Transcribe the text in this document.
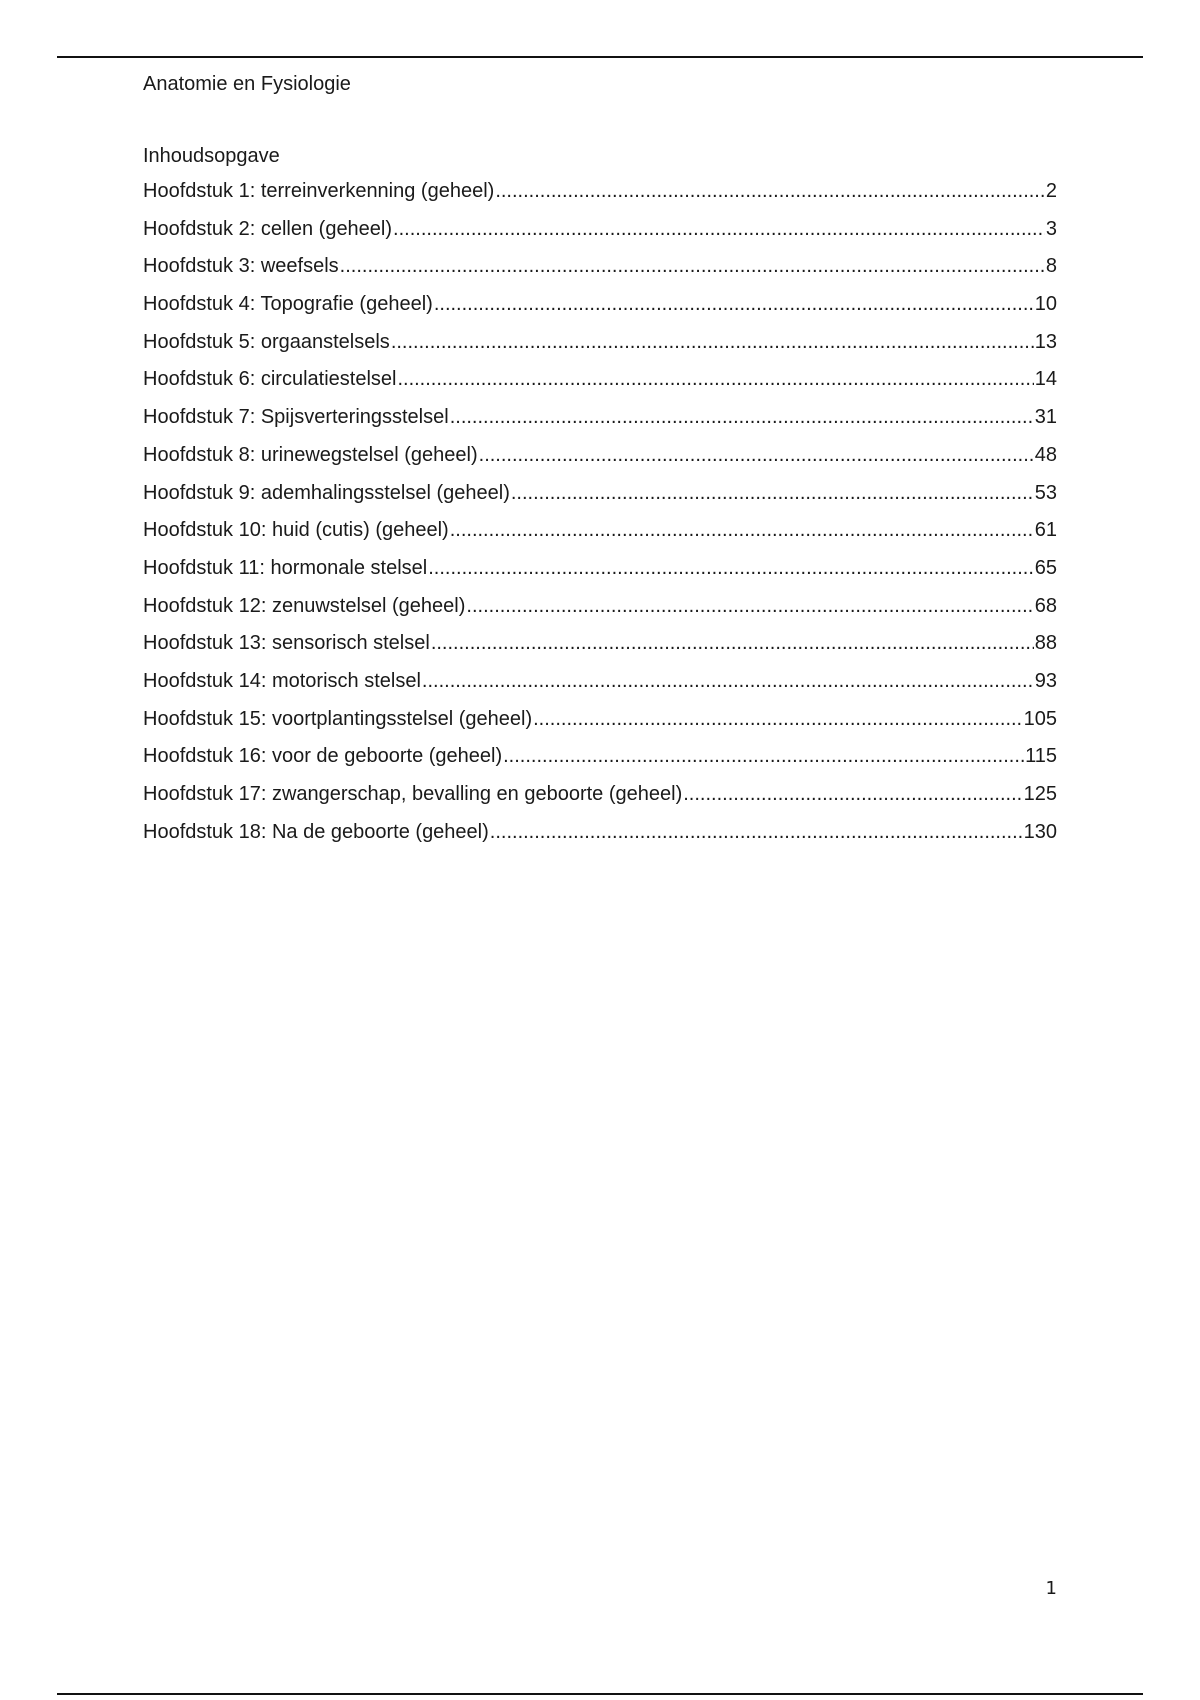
Anatomie en Fysiologie
Inhoudsopgave
Hoofdstuk 1: terreinverkenning (geheel) .....	2
Hoofdstuk 2: cellen (geheel) .....	3
Hoofdstuk 3: weefsels .....	8
Hoofdstuk 4: Topografie (geheel) .....	10
Hoofdstuk 5: orgaanstelsels .....	13
Hoofdstuk 6: circulatiestelsel .....	14
Hoofdstuk 7: Spijsverteringsstelsel .....	31
Hoofdstuk 8: urinewegstelsel (geheel) .....	48
Hoofdstuk 9: ademhalingsstelsel (geheel) .....	53
Hoofdstuk 10: huid (cutis) (geheel) .....	61
Hoofdstuk 11: hormonale stelsel .....	65
Hoofdstuk 12: zenuwstelsel (geheel) .....	68
Hoofdstuk 13: sensorisch stelsel .....	88
Hoofdstuk 14: motorisch stelsel .....	93
Hoofdstuk 15: voortplantingsstelsel (geheel) .....	105
Hoofdstuk 16: voor de geboorte (geheel) .....	115
Hoofdstuk 17: zwangerschap, bevalling en geboorte (geheel) .....	125
Hoofdstuk 18: Na de geboorte (geheel) .....	130
1
